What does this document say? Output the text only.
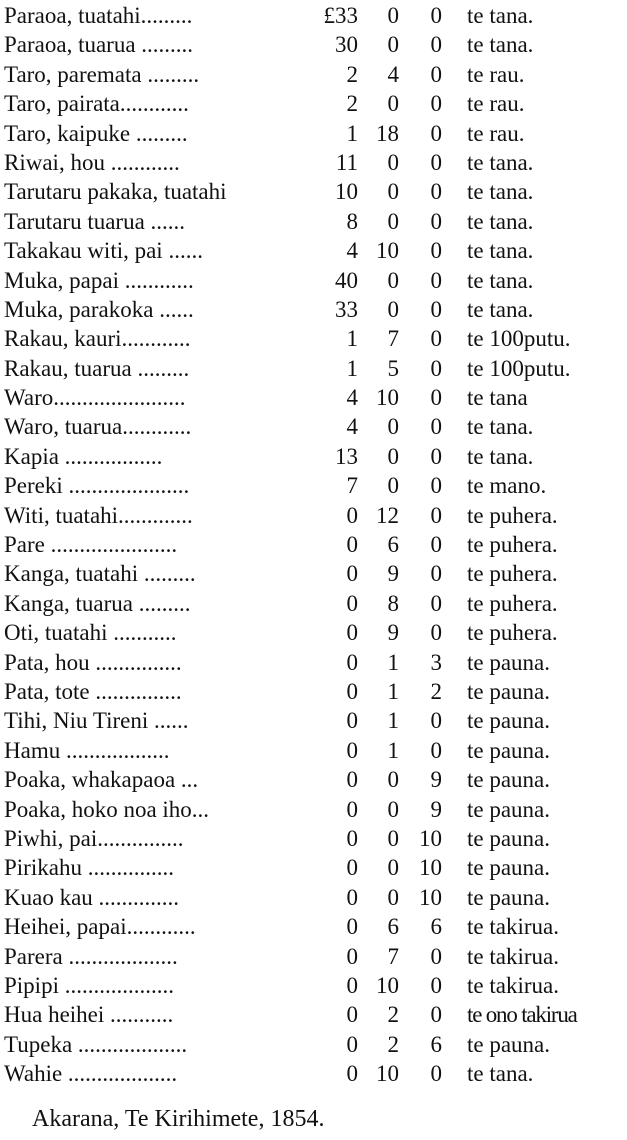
Paraoa, tuatahi.........	£33 0 0 te tana.
Paraoa, tuarua .........	30 0 0 te tana.
Taro, paremata .........	2 4 0 te rau.
Taro, pairata............	2 0 0 te rau.
Taro, kaipuke .........	1 18 0 te rau.
Riwai, hou ............	11 0 0 te tana.
Tarutaru pakaka, tuatahi	10 0 0 te tana.
Tarutaru tuarua ......	8 0 0 te tana.
Takakau witi, pai ......	4 10 0 te tana.
Muka, papai ............	40 0 0 te tana.
Muka, parakoka ......	33 0 0 te tana.
Rakau, kauri............	1 7 0 te 100putu.
Rakau, tuarua .........	1 5 0 te 100putu.
Waro.......................	4 10 0 te tana
Waro, tuarua............	4 0 0 te tana.
Kapia .................	13 0 0 te tana.
Pereki .....................	7 0 0 te mano.
Witi, tuatahi.............	0 12 0 te puhera.
Pare ......................	0 6 0 te puhera.
Kanga, tuatahi .........	0 9 0 te puhera.
Kanga, tuarua .........	0 8 0 te puhera.
Oti, tuatahi ...........	0 9 0 te puhera.
Pata, hou ...............	0 1 3 te pauna.
Pata, tote ...............	0 1 2 te pauna.
Tihi, Niu Tireni ......	0 1 0 te pauna.
Hamu ..................	0 1 0 te pauna.
Poaka, whakapaoa ...	0 0 9 te pauna.
Poaka, hoko noa iho...	0 0 9 te pauna.
Piwhi, pai...............	0 0 10 te pauna.
Pirikahu ...............	0 0 10 te pauna.
Kuao kau ..............	0 0 10 te pauna.
Heihei, papai............	0 6 6 te takirua.
Parera ...................	0 7 0 te takirua.
Pipipi ...................	0 10 0 te takirua.
Hua heihei ...........	0 2 0 te ono takirua
Tupeka ...................	0 2 6 te pauna.
Wahie ...................	0 10 0 te tana.
Akarana, Te Kirihimete, 1854.
